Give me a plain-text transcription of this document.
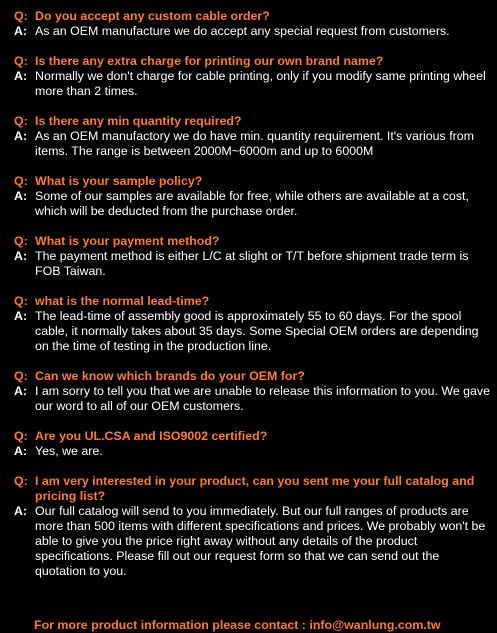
Q: Do you accept any custom cable order?
A: As an OEM manufacture we do accept any special request from customers.
Q: Is there any extra charge for printing our own brand name?
A: Normally we don't charge for cable printing, only if you modify same printing wheel more than 2 times.
Q: Is there any min quantity required?
A: As an OEM manufactory we do have min. quantity requirement. It's various from items. The range is between 2000M~6000m and up to 6000M
Q: What is your sample policy?
A: Some of our samples are available for free, while others are available at a cost, which will be deducted from the purchase order.
Q: What is your payment method?
A: The payment method is either L/C at slight or T/T before shipment trade term is FOB Taiwan.
Q: what is the normal lead-time?
A: The lead-time of assembly good is approximately 55 to 60 days. For the spool cable, it normally takes about 35 days. Some Special OEM orders are depending on the time of testing in the production line.
Q: Can we know which brands do your OEM for?
A: I am sorry to tell you that we are unable to release this information to you. We gave our word to all of our OEM customers.
Q: Are you UL.CSA and ISO9002 certified?
A: Yes, we are.
Q: I am very interested in your product, can you sent me your full catalog and pricing list?
A: Our full catalog will send to you immediately. But our full ranges of products are more than 500 items with different specifications and prices. We probably won't be able to give you the price right away without any details of the product specifications. Please fill out our request form so that we can send out the quotation to you.
For more product information please contact : info@wanlung.com.tw
